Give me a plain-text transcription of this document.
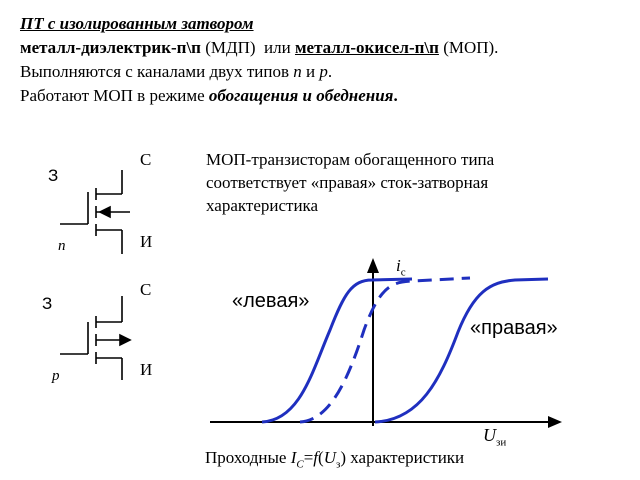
ПТ с изолированным затвором
металл-диэлектрик-п\п (МДП)  или металл-окисел-п\п (МОП).
Выполняются с каналами двух типов n и p.
Работают МОП в режиме обогащения и обеднения.
МОП-транзисторам обогащенного типа соответствует «правая» сток-затворная характеристика
З
С
И
n
З
С
И
p
$i_с$
$U_{зи}$
«левая»
«правая»
Проходные $I_C=f(U_з)$ характеристики
